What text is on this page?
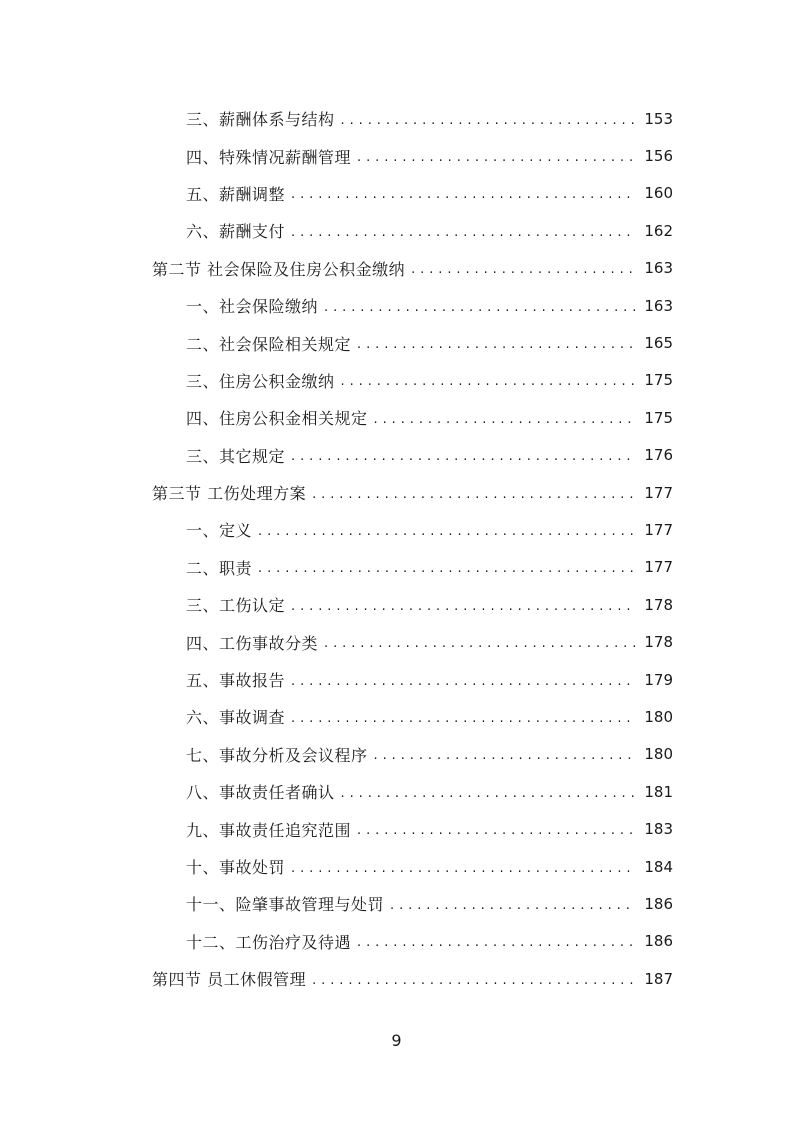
三、薪酬体系与结构 . . .	153
四、特殊情况薪酬管理 . . .	156
五、薪酬调整 . . .	160
六、薪酬支付 . . .	162
第二节 社会保险及住房公积金缴纳 . . .	163
一、社会保险缴纳 . . .	163
二、社会保险相关规定 . . .	165
三、住房公积金缴纳 . . .	175
四、住房公积金相关规定 . . .	175
三、其它规定 . . .	176
第三节 工伤处理方案 . . .	177
一、定义 . . .	177
二、职责 . . .	177
三、工伤认定 . . .	178
四、工伤事故分类 . . .	178
五、事故报告 . . .	179
六、事故调查 . . .	180
七、事故分析及会议程序 . . .	180
八、事故责任者确认 . . .	181
九、事故责任追究范围 . . .	183
十、事故处罚 . . .	184
十一、险肇事故管理与处罚 . . .	186
十二、工伤治疗及待遇 . . .	186
第四节 员工休假管理 . . .	187
9
